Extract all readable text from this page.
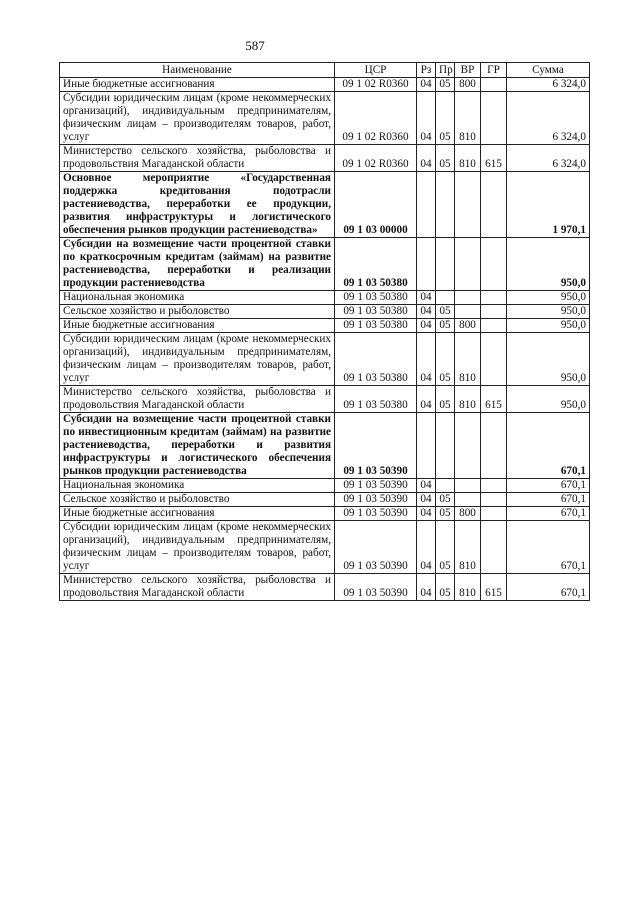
587
Наименование	ЦСР	Рз	Пр	ВР	ГР	Сумма
Иные бюджетные ассигнования	09 1 02 R0360	04	05	800		6 324,0
Субсидии юридическим лицам (кроме некоммерческих организаций), индивидуальным предпринимателям, физическим лицам – производителям товаров, работ, услуг	09 1 02 R0360	04	05	810		6 324,0
Министерство сельского хозяйства, рыболовства и продовольствия Магаданской области	09 1 02 R0360	04	05	810	615	6 324,0
Основное мероприятие «Государственная поддержка кредитования подотрасли растениеводства, переработки ее продукции, развития инфраструктуры и логистического обеспечения рынков продукции растениеводства»	09 1 03 00000					1 970,1
Субсидии на возмещение части процентной ставки по краткосрочным кредитам (займам) на развитие растениеводства, переработки и реализации продукции растениеводства	09 1 03 50380					950,0
Национальная экономика	09 1 03 50380	04				950,0
Сельское хозяйство и рыболовство	09 1 03 50380	04	05			950,0
Иные бюджетные ассигнования	09 1 03 50380	04	05	800		950,0
Субсидии юридическим лицам (кроме некоммерческих организаций), индивидуальным предпринимателям, физическим лицам – производителям товаров, работ, услуг	09 1 03 50380	04	05	810		950,0
Министерство сельского хозяйства, рыболовства и продовольствия Магаданской области	09 1 03 50380	04	05	810	615	950,0
Субсидии на возмещение части процентной ставки по инвестиционным кредитам (займам) на развитие растениеводства, переработки и развития инфраструктуры и логистического обеспечения рынков продукции растениеводства	09 1 03 50390					670,1
Национальная экономика	09 1 03 50390	04				670,1
Сельское хозяйство и рыболовство	09 1 03 50390	04	05			670,1
Иные бюджетные ассигнования	09 1 03 50390	04	05	800		670,1
Субсидии юридическим лицам (кроме некоммерческих организаций), индивидуальным предпринимателям, физическим лицам – производителям товаров, работ, услуг	09 1 03 50390	04	05	810		670,1
Министерство сельского хозяйства, рыболовства и продовольствия Магаданской области	09 1 03 50390	04	05	810	615	670,1
